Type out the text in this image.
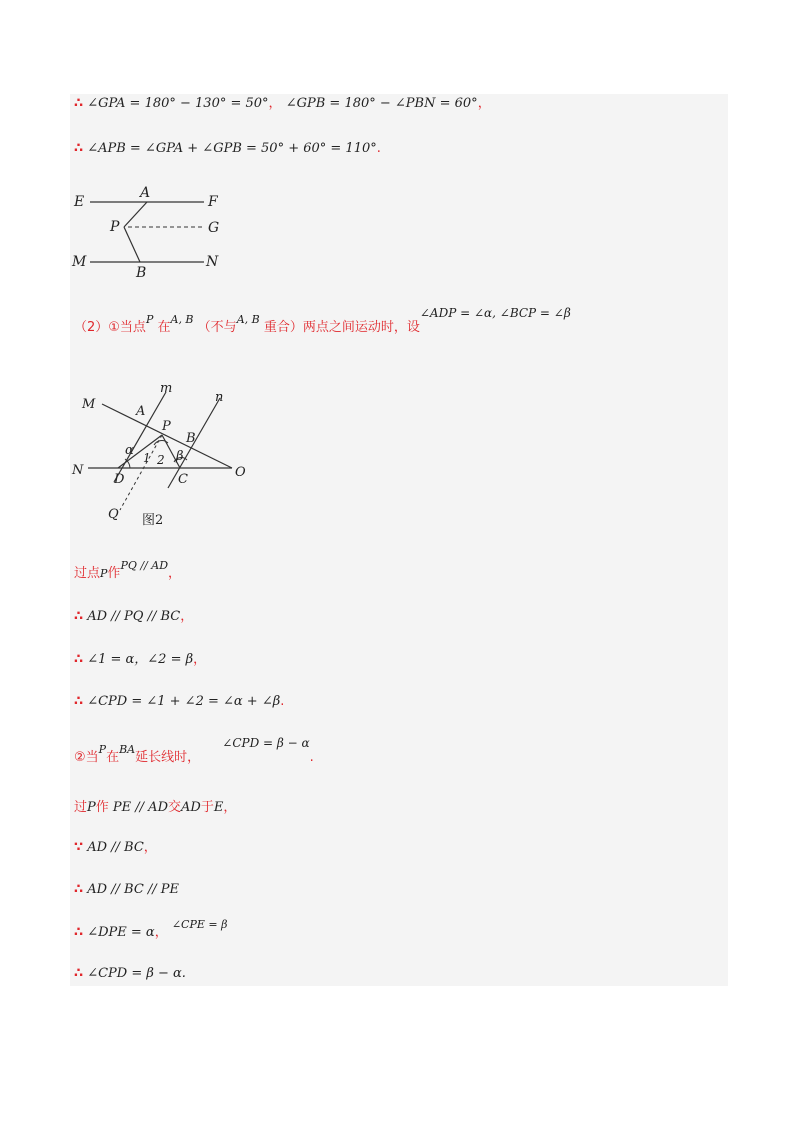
∴ ∠GPA = 180° − 130° = 50°， ∠GPB = 180° − ∠PBN = 60°，
∴ ∠APB = ∠GPA + ∠GPB = 50° + 60° = 110°.
E
A
F
P	G
M
B
N
（2）①当点$^P$ 在$^{A, B}$ （不与$^{A, B}$ 重合）两点之间运动时，设∠ADP = ∠α, ∠BCP = ∠β
M
m
n
A
P
B
α 1 2 β
N
D	C	O
Q 图2
过点P作$^{PQ // AD}$，
∴ AD // PQ // BC，
∴ ∠1 = α，∠2 = β，
∴ ∠CPD = ∠1 + ∠2 = ∠α + ∠β.
②当$^P$在$^{BA}$延长线时， ∠CPD = β − α.
过P作 PE // AD交AD于E，
∵ AD // BC，
∴ AD // BC // PE
∴ ∠DPE = α， $^{\angle CPE = \beta}$
∴ ∠CPD = β − α.
